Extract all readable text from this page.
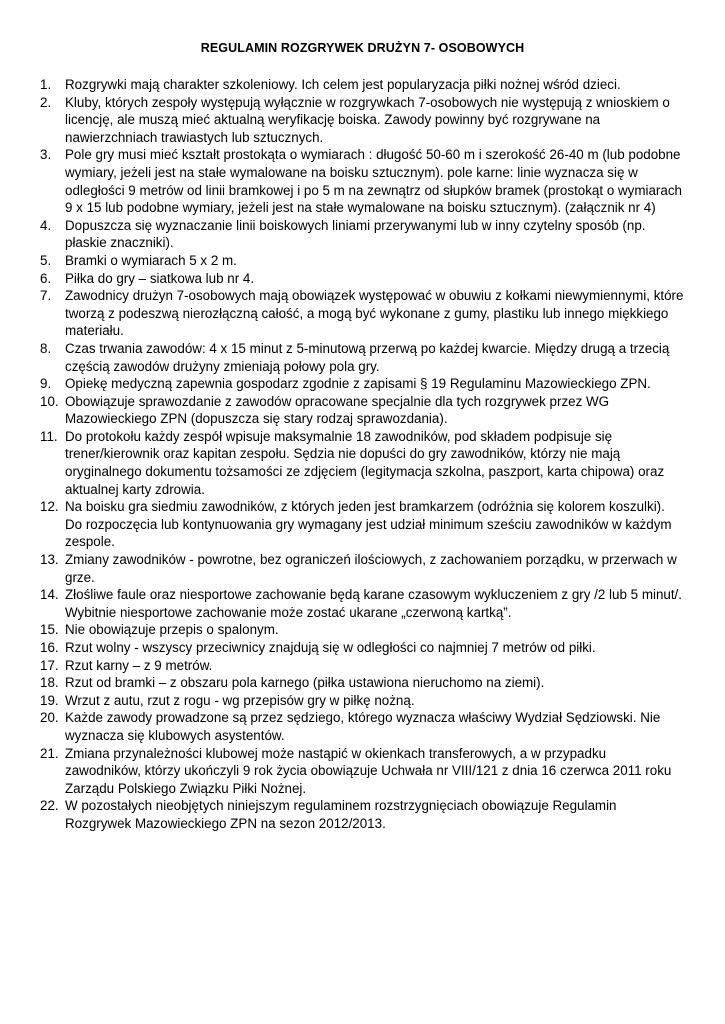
REGULAMIN ROZGRYWEK DRUŻYN 7- OSOBOWYCH
1.	Rozgrywki mają charakter szkoleniowy. Ich celem jest popularyzacja piłki nożnej wśród dzieci.
2.	Kluby, których zespoły występują wyłącznie w rozgrywkach 7-osobowych nie występują z wnioskiem o licencję, ale muszą mieć aktualną weryfikację boiska. Zawody powinny być rozgrywane na nawierzchniach trawiastych lub sztucznych.
3.	Pole gry musi mieć kształt prostokąta o wymiarach : długość 50-60 m i szerokość 26-40 m (lub podobne wymiary, jeżeli jest na stałe wymalowane na boisku sztucznym). pole karne: linie wyznacza się w odległości 9 metrów od linii bramkowej i po 5 m na zewnątrz od słupków bramek (prostokąt o wymiarach 9 x 15 lub podobne wymiary, jeżeli jest na stałe wymalowane na boisku sztucznym). (załącznik nr 4)
4.	Dopuszcza się wyznaczanie linii boiskowych liniami przerywanymi lub w inny czytelny sposób (np. płaskie znaczniki).
5.	Bramki o wymiarach 5 x 2 m.
6.	Piłka do gry – siatkowa lub nr 4.
7.	Zawodnicy drużyn 7-osobowych mają obowiązek występować w obuwiu z kołkami niewymiennymi, które tworzą z podeszwą nierozłączną całość, a mogą być wykonane z gumy, plastiku lub innego miękkiego materiału.
8.	Czas trwania zawodów: 4 x 15 minut z 5-minutową przerwą po każdej kwarcie. Między drugą a trzecią częścią zawodów drużyny zmieniają połowy pola gry.
9.	Opiekę medyczną zapewnia gospodarz zgodnie z zapisami § 19 Regulaminu Mazowieckiego ZPN.
10. Obowiązuje sprawozdanie z zawodów opracowane specjalnie dla tych rozgrywek przez WG Mazowieckiego ZPN (dopuszcza się stary rodzaj sprawozdania).
11. Do protokołu każdy zespół wpisuje maksymalnie 18 zawodników, pod składem podpisuje się trener/kierownik oraz kapitan zespołu. Sędzia nie dopuści do gry zawodników, którzy nie mają oryginalnego dokumentu tożsamości ze zdjęciem (legitymacja szkolna, paszport, karta chipowa) oraz aktualnej karty zdrowia.
12. Na boisku gra siedmiu zawodników, z których jeden jest bramkarzem (odróżnia się kolorem koszulki). Do rozpoczęcia lub kontynuowania gry wymagany jest udział minimum sześciu zawodników w każdym zespole.
13. Zmiany zawodników - powrotne, bez ograniczeń ilościowych, z zachowaniem porządku, w przerwach w grze.
14. Złośliwe faule oraz niesportowe zachowanie będą karane czasowym wykluczeniem z gry /2 lub 5 minut/. Wybitnie niesportowe zachowanie może zostać ukarane „czerwoną kartką”.
15. Nie obowiązuje przepis o spalonym.
16. Rzut wolny - wszyscy przeciwnicy znajdują się w odległości co najmniej 7 metrów od piłki.
17. Rzut karny – z 9 metrów.
18. Rzut od bramki – z obszaru pola karnego (piłka ustawiona nieruchomo na ziemi).
19. Wrzut z autu, rzut z rogu - wg przepisów gry w piłkę nożną.
20. Każde zawody prowadzone są przez sędziego, którego wyznacza właściwy Wydział Sędziowski. Nie wyznacza się klubowych asystentów.
21. Zmiana przynależności klubowej może nastąpić w okienkach transferowych, a w przypadku zawodników, którzy ukończyli 9 rok życia obowiązuje Uchwała nr VIII/121 z dnia 16 czerwca 2011 roku Zarządu Polskiego Związku Piłki Nożnej.
22. W pozostałych nieobjętych niniejszym regulaminem rozstrzygnięciach obowiązuje Regulamin Rozgrywek Mazowieckiego ZPN na sezon 2012/2013.
